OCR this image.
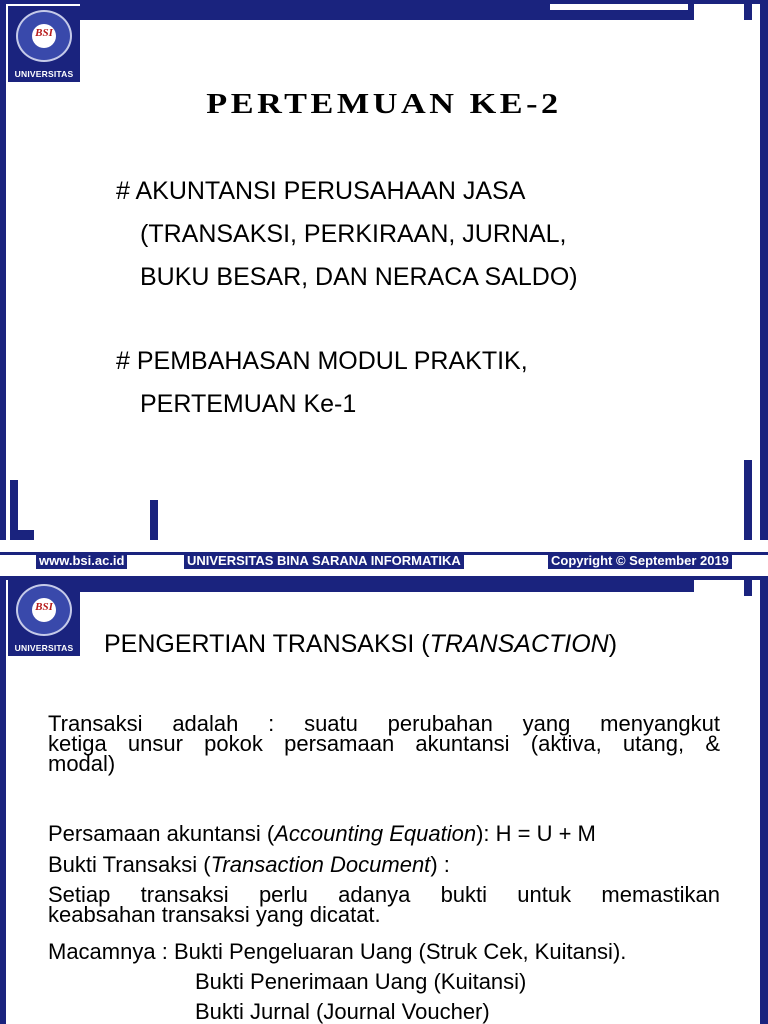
BSI
UNIVERSITAS
PERTEMUAN KE-2
# AKUNTANSI PERUSAHAAN JASA
(TRANSAKSI, PERKIRAAN, JURNAL,
BUKU BESAR, DAN NERACA SALDO)
# PEMBAHASAN MODUL PRAKTIK,
PERTEMUAN Ke-1
www.bsi.ac.id	UNIVERSITAS BINA SARANA INFORMATIKA	Copyright © September 2019
BSI
UNIVERSITAS PENGERTIAN TRANSAKSI (TRANSACTION)
Transaksi adalah : suatu perubahan yang menyangkut
ketiga unsur pokok persamaan akuntansi (aktiva, utang, &
modal)
Persamaan akuntansi (Accounting Equation): H = U + M
Bukti Transaksi (Transaction Document) :
Setiap transaksi perlu adanya bukti untuk memastikan
keabsahan transaksi yang dicatat.
Macamnya : Bukti Pengeluaran Uang (Struk Cek, Kuitansi).
Bukti Penerimaan Uang (Kuitansi)
Bukti Jurnal (Journal Voucher)
